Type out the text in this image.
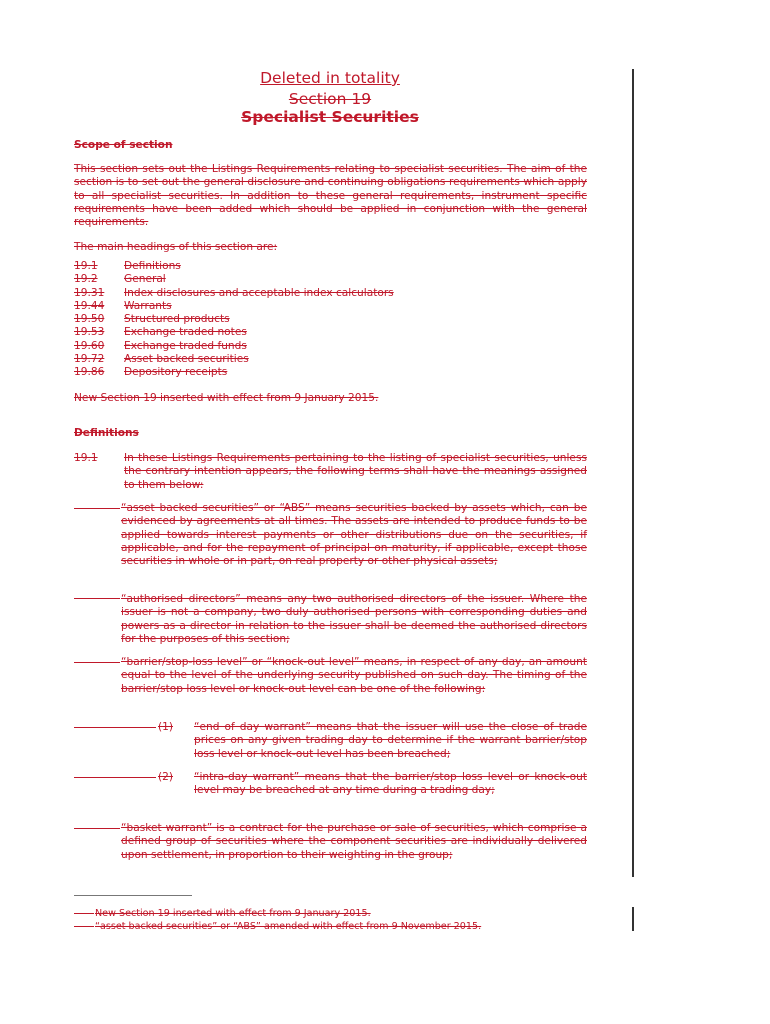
Deleted in totality
Section 19
Specialist Securities
Scope of section
This section sets out the Listings Requirements relating to specialist securities. The aim of the section is to set out the general disclosure and continuing obligations requirements which apply to all specialist securities. In addition to these general requirements, instrument specific requirements have been added which should be applied in conjunction with the general requirements.
The main headings of this section are:
19.1	Definitions
19.2	General
19.31	Index disclosures and acceptable index calculators
19.44	Warrants
19.50	Structured products
19.53	Exchange traded notes
19.60	Exchange traded funds
19.72	Asset backed securities
19.86	Depository receipts
New Section 19 inserted with effect from 9 January 2015.
Definitions
19.1 In these Listings Requirements pertaining to the listing of specialist securities, unless the contrary intention appears, the following terms shall have the meanings assigned to them below:
“asset backed securities” or “ABS” means securities backed by assets which, can be evidenced by agreements at all times. The assets are intended to produce funds to be applied towards interest payments or other distributions due on the securities, if applicable, and for the repayment of principal on maturity, if applicable, except those securities in whole or in part, on real property or other physical assets;
“authorised directors” means any two authorised directors of the issuer. Where the issuer is not a company, two duly authorised persons with corresponding duties and powers as a director in relation to the issuer shall be deemed the authorised directors for the purposes of this section;
“barrier/stop-loss level” or “knock-out level” means, in respect of any day, an amount equal to the level of the underlying security published on such day. The timing of the barrier/stop loss level or knock-out level can be one of the following:
(1) “end of day warrant” means that the issuer will use the close of trade prices on any given trading day to determine if the warrant barrier/stop loss level or knock-out level has been breached;
(2) “intra-day warrant” means that the barrier/stop loss level or knock-out level may be breached at any time during a trading day;
“basket warrant” is a contract for the purchase or sale of securities, which comprise a defined group of securities where the component securities are individually delivered upon settlement, in proportion to their weighting in the group;
New Section 19 inserted with effect from 9 January 2015.
“asset backed securities” or “ABS” amended with effect from 9 November 2015.
